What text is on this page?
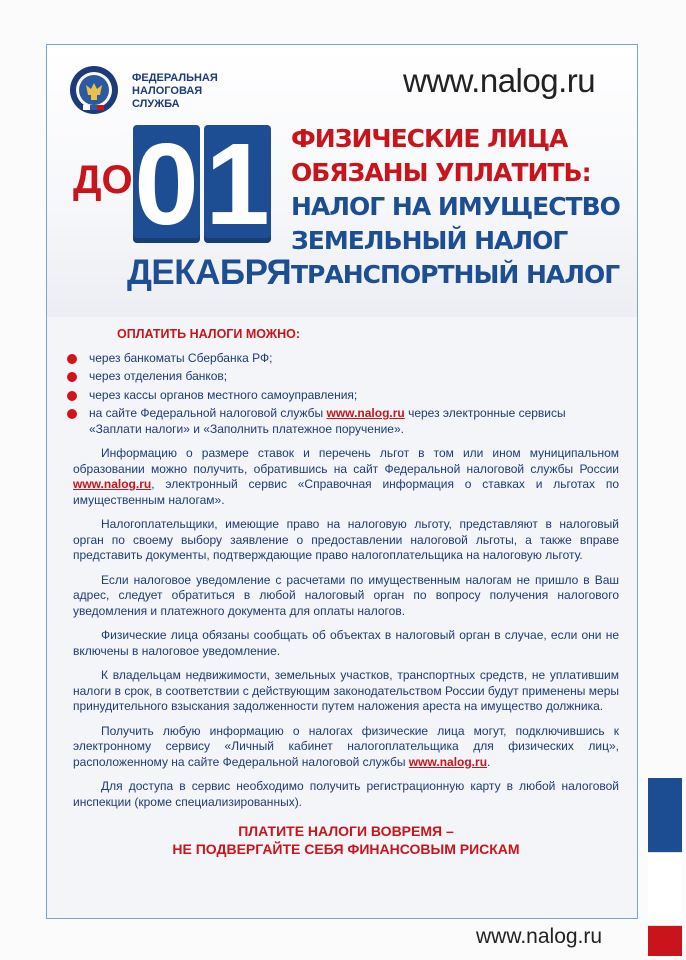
ФЕДЕРАЛЬНАЯ
НАЛОГОВАЯ СЛУЖБА
www.nalog.ru
ДО 0 1
ДЕКАБРЯ
ФИЗИЧЕСКИЕ ЛИЦА
ОБЯЗАНЫ УПЛАТИТЬ:
НАЛОГ НА ИМУЩЕСТВО
ЗЕМЕЛЬНЫЙ НАЛОГ
ТРАНСПОРТНЫЙ НАЛОГ
ОПЛАТИТЬ НАЛОГИ МОЖНО:
через банкоматы Сбербанка РФ;
через отделения банков;
через кассы органов местного самоуправления;
на сайте Федеральной налоговой службы www.nalog.ru через электронные сервисы «Заплати налоги» и «Заполнить платежное поручение».

Информацию о размере ставок и перечень льгот в том или ином муниципальном образовании можно получить, обратившись на сайт Федеральной налоговой службы России www.nalog.ru, электронный сервис «Справочная информация о ставках и льготах по имущественным налогам».

Налогоплательщики, имеющие право на налоговую льготу, представляют в налоговый орган по своему выбору заявление о предоставлении налоговой льготы, а также вправе представить документы, подтверждающие право налогоплательщика на налоговую льготу.

Если налоговое уведомление с расчетами по имущественным налогам не пришло в Ваш адрес, следует обратиться в любой налоговый орган по вопросу получения налогового уведомления и платежного документа для оплаты налогов.

Физические лица обязаны сообщать об объектах в налоговый орган в случае, если они не включены в налоговое уведомление.

К владельцам недвижимости, земельных участков, транспортных средств, не уплатившим налоги в срок, в соответствии с действующим законодательством России будут применены меры принудительного взыскания задолженности путем наложения ареста на имущество должника.

Получить любую информацию о налогах физические лица могут, подключившись к электронному сервису «Личный кабинет налогоплательщика для физических лиц», расположенному на сайте Федеральной налоговой службы www.nalog.ru.

Для доступа в сервис необходимо получить регистрационную карту в любой налоговой инспекции (кроме специализированных).

ПЛАТИТЕ НАЛОГИ ВОВРЕМЯ –
НЕ ПОДВЕРГАЙТЕ СЕБЯ ФИНАНСОВЫМ РИСКАМ
www.nalog.ru
